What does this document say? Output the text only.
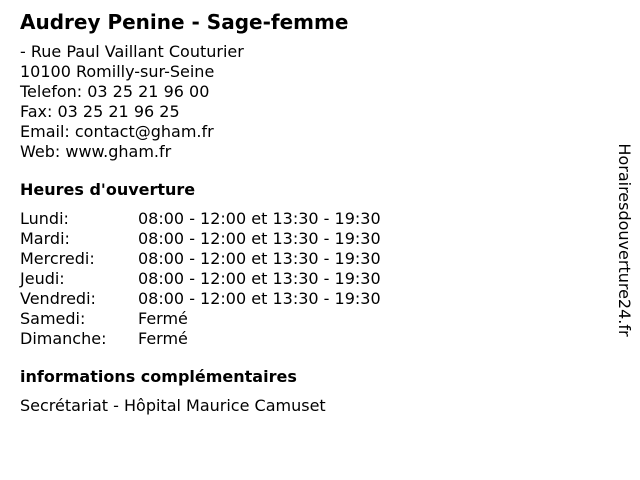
Audrey Penine - Sage-femme
- Rue Paul Vaillant Couturier
10100 Romilly-sur-Seine
Telefon: 03 25 21 96 00
Fax: 03 25 21 96 25
Email: contact@gham.fr
Web: www.gham.fr
Heures d'ouverture
Lundi:	08:00 - 12:00 et 13:30 - 19:30
Mardi:	08:00 - 12:00 et 13:30 - 19:30
Mercredi:	08:00 - 12:00 et 13:30 - 19:30
Jeudi:	08:00 - 12:00 et 13:30 - 19:30
Vendredi:	08:00 - 12:00 et 13:30 - 19:30
Samedi:	Fermé
Dimanche:	Fermé
informations complémentaires
Secrétariat - Hôpital Maurice Camuset
Horairesdouverture24.fr
